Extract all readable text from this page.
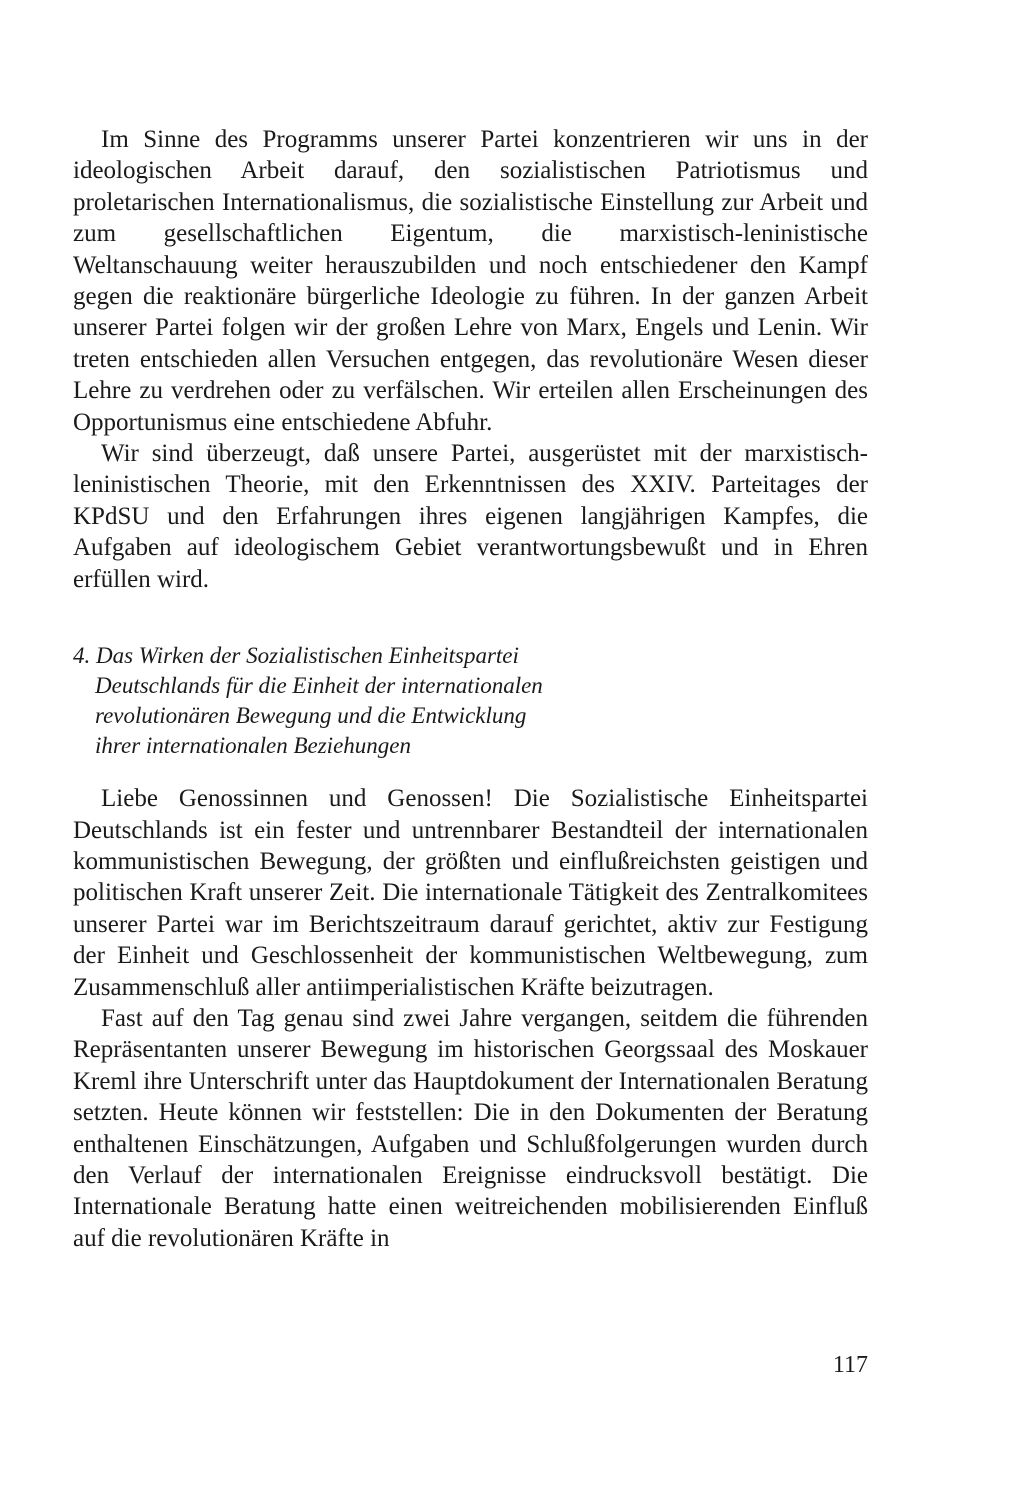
Im Sinne des Programms unserer Partei konzentrieren wir uns in der ideologischen Arbeit darauf, den sozialistischen Patriotismus und proletarischen Internationalismus, die sozialistische Einstellung zur Arbeit und zum gesellschaftlichen Eigentum, die marxistisch-leninistische Weltanschauung weiter herauszubilden und noch entschiedener den Kampf gegen die reaktionäre bürgerliche Ideologie zu führen. In der ganzen Arbeit unserer Partei folgen wir der großen Lehre von Marx, Engels und Lenin. Wir treten entschieden allen Versuchen entgegen, das revolutionäre Wesen dieser Lehre zu verdrehen oder zu verfälschen. Wir erteilen allen Erscheinungen des Opportunismus eine entschiedene Abfuhr.

Wir sind überzeugt, daß unsere Partei, ausgerüstet mit der marxistisch-leninistischen Theorie, mit den Erkenntnissen des XXIV. Parteitages der KPdSU und den Erfahrungen ihres eigenen langjährigen Kampfes, die Aufgaben auf ideologischem Gebiet verantwortungsbewußt und in Ehren erfüllen wird.

4. Das Wirken der Sozialistischen Einheitspartei
Deutschlands für die Einheit der internationalen
revolutionären Bewegung und die Entwicklung
ihrer internationalen Beziehungen

Liebe Genossinnen und Genossen! Die Sozialistische Einheitspartei Deutschlands ist ein fester und untrennbarer Bestandteil der internationalen kommunistischen Bewegung, der größten und einflußreichsten geistigen und politischen Kraft unserer Zeit. Die internationale Tätigkeit des Zentralkomitees unserer Partei war im Berichtszeitraum darauf gerichtet, aktiv zur Festigung der Einheit und Geschlossenheit der kommunistischen Weltbewegung, zum Zusammenschluß aller antiimperialistischen Kräfte beizutragen.

Fast auf den Tag genau sind zwei Jahre vergangen, seitdem die führenden Repräsentanten unserer Bewegung im historischen Georgssaal des Moskauer Kreml ihre Unterschrift unter das Hauptdokument der Internationalen Beratung setzten. Heute können wir feststellen: Die in den Dokumenten der Beratung enthaltenen Einschätzungen, Aufgaben und Schlußfolgerungen wurden durch den Verlauf der internationalen Ereignisse eindrucksvoll bestätigt. Die Internationale Beratung hatte einen weitreichenden mobilisierenden Einfluß auf die revolutionären Kräfte in

117
